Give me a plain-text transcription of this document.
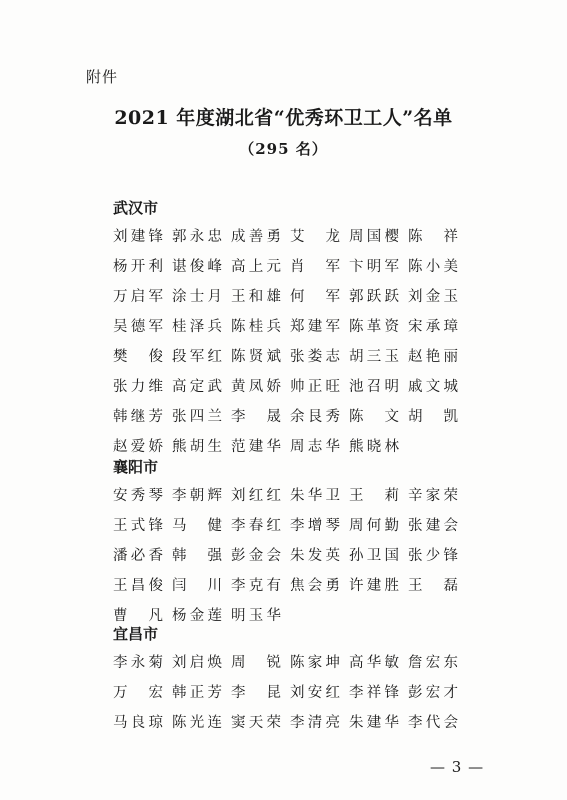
附件
2021 年度湖北省“优秀环卫工人”名单
（295 名）
武汉市
刘建锋 郭永忠 成善勇 艾 龙 周国樱 陈 祥
杨开利 谌俊峰 高上元 肖 军 卞明军 陈小美
万启军 涂士月 王和雄 何 军 郭跃跃 刘金玉
吴德军 桂泽兵 陈桂兵 郑建军 陈革资 宋承璋
樊 俊 段军红 陈贤斌 张娄志 胡三玉 赵艳丽
张力维 高定武 黄凤娇 帅正旺 池召明 戚文城
韩继芳 张四兰 李 晟 余艮秀 陈 文 胡 凯
赵爱娇 熊胡生 范建华 周志华 熊晓林
襄阳市
安秀琴 李朝辉 刘红红 朱华卫 王 莉 辛家荣
王式锋 马 健 李春红 李增琴 周何勤 张建会
潘必香 韩 强 彭金会 朱发英 孙卫国 张少锋
王昌俊 闫 川 李克有 焦会勇 许建胜 王 磊
曹 凡 杨金莲 明玉华
宜昌市
李永菊 刘启焕 周 锐 陈家坤 高华敏 詹宏东
万 宏 韩正芳 李 昆 刘安红 李祥锋 彭宏才
马良琼 陈光连 窦天荣 李清亮 朱建华 李代会
— 3 —
